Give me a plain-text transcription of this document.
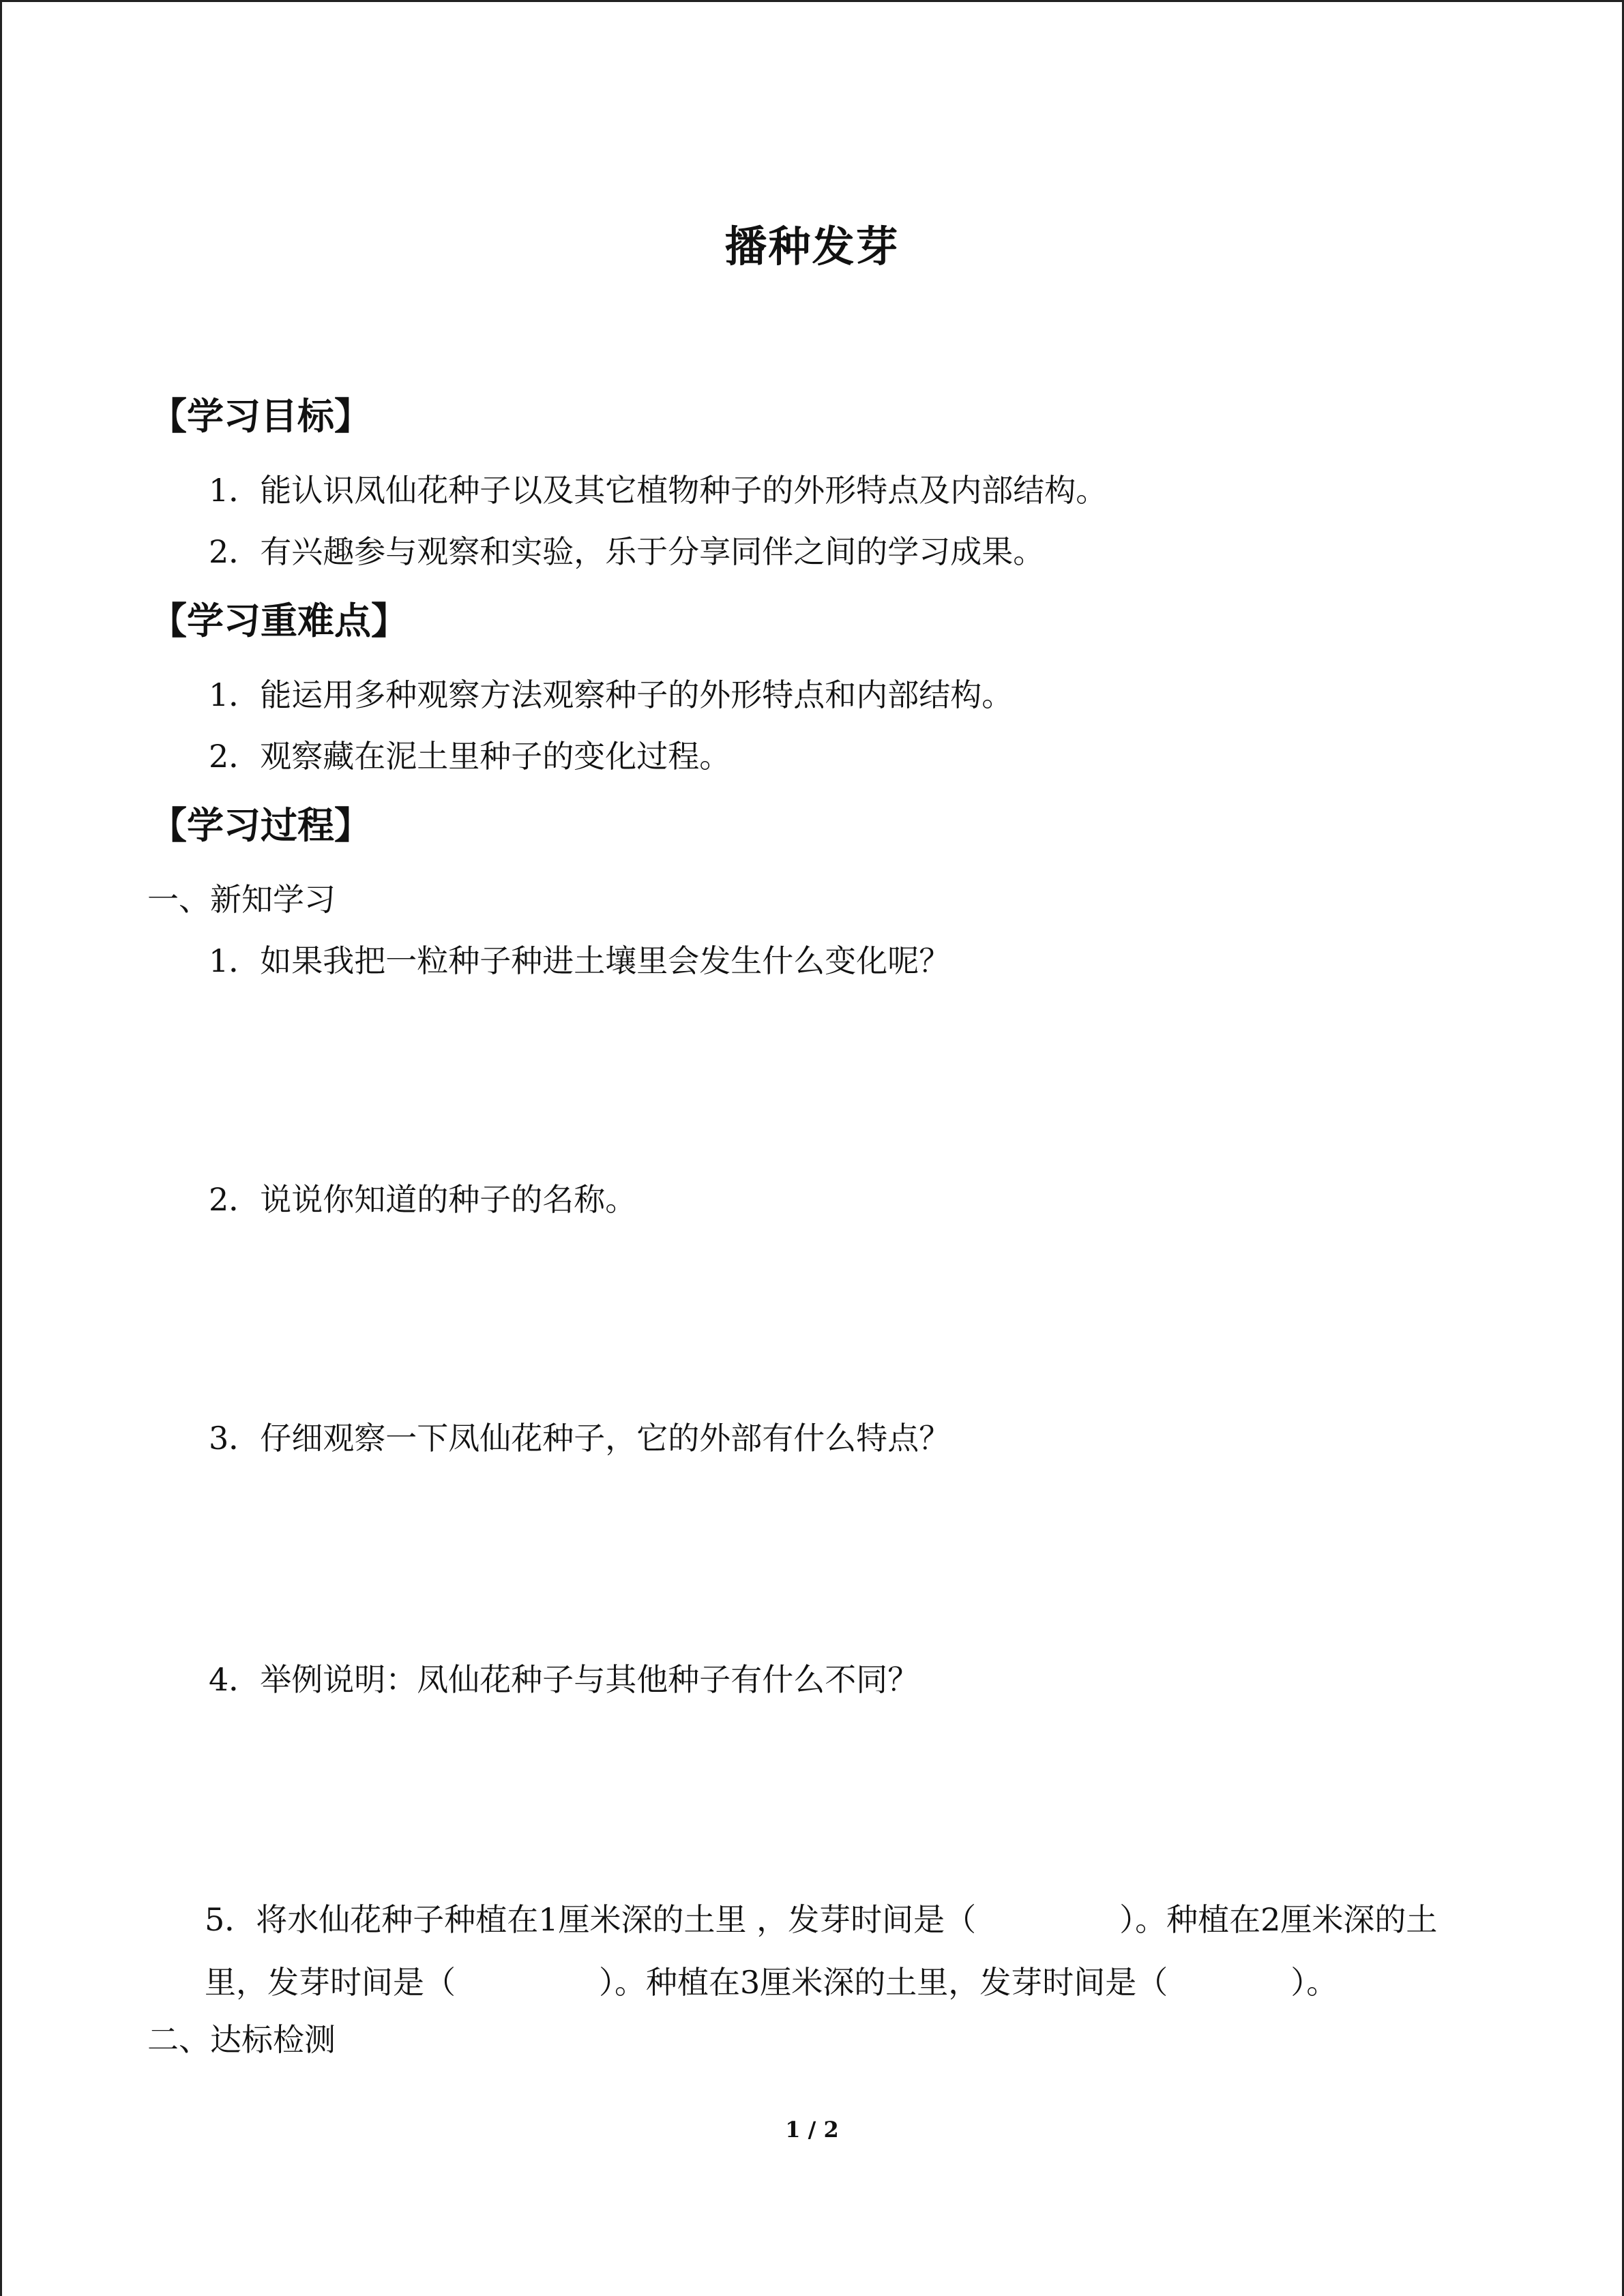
播种发芽
【学习目标】
1．能认识凤仙花种子以及其它植物种子的外形特点及内部结构。
2．有兴趣参与观察和实验，乐于分享同伴之间的学习成果。
【学习重难点】
1．能运用多种观察方法观察种子的外形特点和内部结构。
2．观察藏在泥土里种子的变化过程。
【学习过程】
一、新知学习
1．如果我把一粒种子种进土壤里会发生什么变化呢？
2．说说你知道的种子的名称。
3．仔细观察一下凤仙花种子，它的外部有什么特点？
4．举例说明：凤仙花种子与其他种子有什么不同？
5．将水仙花种子种植在1厘米深的土里 ，发芽时间是（	）。种植在2厘米深的土
里，发芽时间是（	）。种植在3厘米深的土里，发芽时间是（	）。
二、达标检测
1 / 2
